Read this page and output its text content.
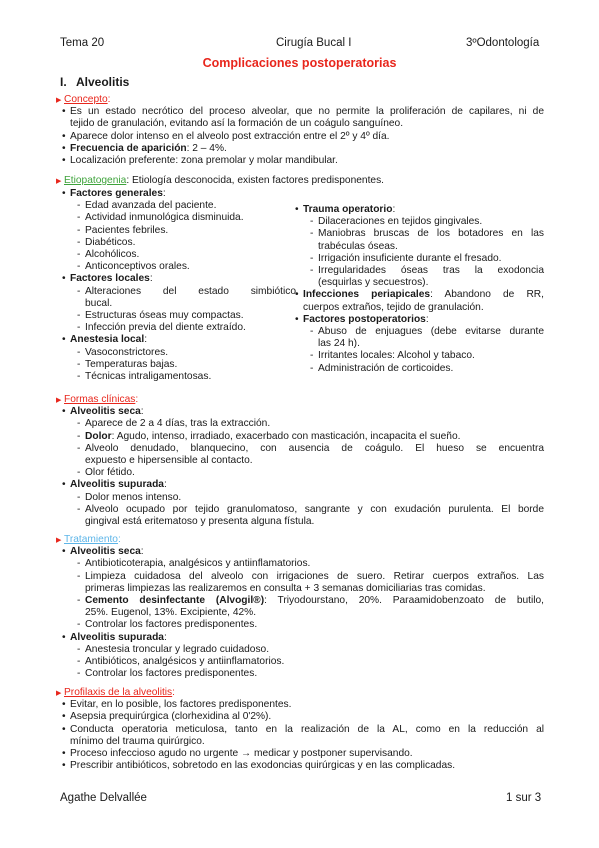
Tema 20	Cirugía Bucal I	3ºOdontología
Complicaciones postoperatorias
I. Alveolitis
▶ Concepto:
• Es un estado necrótico del proceso alveolar, que no permite la proliferación de capilares, ni de
tejido de granulación, evitando así la formación de un coágulo sanguíneo.
• Aparece dolor intenso en el alveolo post extracción entre el 2º y 4º día.
• Frecuencia de aparición: 2 – 4%.
• Localización preferente: zona premolar y molar mandibular.
▶ Etiopatogenia: Etiología desconocida, existen factores predisponentes.
• Factores generales:
- Edad avanzada del paciente.
- Actividad inmunológica disminuida.
- Pacientes febriles.
- Diabéticos.
- Alcohólicos.
- Anticonceptivos orales.
• Factores locales:
- Alteraciones del estado simbiótico
bucal.
- Estructuras óseas muy compactas.
- Infección previa del diente extraído.
• Anestesia local:
- Vasoconstrictores.
- Temperaturas bajas.
- Técnicas intraligamentosas.
• Trauma operatorio:
- Dilaceraciones en tejidos gingivales.
- Maniobras bruscas de los botadores en las
trabéculas óseas.
- Irrigación insuficiente durante el fresado.
- Irregularidades óseas tras la exodoncia
(esquirlas y secuestros).
• Infecciones periapicales: Abandono de RR,
cuerpos extraños, tejido de granulación.
• Factores postoperatorios:
- Abuso de enjuagues (debe evitarse durante
las 24 h).
- Irritantes locales: Alcohol y tabaco.
- Administración de corticoides.
▶ Formas clínicas:
• Alveolitis seca:
- Aparece de 2 a 4 días, tras la extracción.
- Dolor: Agudo, intenso, irradiado, exacerbado con masticación, incapacita el sueño.
- Alveolo denudado, blanquecino, con ausencia de coágulo. El hueso se encuentra
expuesto e hipersensible al contacto.
- Olor fétido.
• Alveolitis supurada:
- Dolor menos intenso.
- Alveolo ocupado por tejido granulomatoso, sangrante y con exudación purulenta. El borde
gingival está eritematoso y presenta alguna fístula.
▶ Tratamiento:
• Alveolitis seca:
- Antibioticoterapia, analgésicos y antiinflamatorios.
- Limpieza cuidadosa del alveolo con irrigaciones de suero. Retirar cuerpos extraños. Las
primeras limpiezas las realizaremos en consulta + 3 semanas domiciliarias tras comidas.
- Cemento desinfectante (Alvogil®): Triyodourstano, 20%. Paraamidobenzoato de butilo,
25%. Eugenol, 13%. Excipiente, 42%.
- Controlar los factores predisponentes.
• Alveolitis supurada:
- Anestesia troncular y legrado cuidadoso.
- Antibióticos, analgésicos y antiinflamatorios.
- Controlar los factores predisponentes.
▶ Profilaxis de la alveolitis:
• Evitar, en lo posible, los factores predisponentes.
• Asepsia prequirúrgica (clorhexidina al 0'2%).
• Conducta operatoria meticulosa, tanto en la realización de la AL, como en la reducción al
mínimo del trauma quirúrgico.
• Proceso infeccioso agudo no urgente → medicar y postponer supervisando.
• Prescribir antibióticos, sobretodo en las exodoncias quirúrgicas y en las complicadas.
Agathe Delvallée	1 sur 3
